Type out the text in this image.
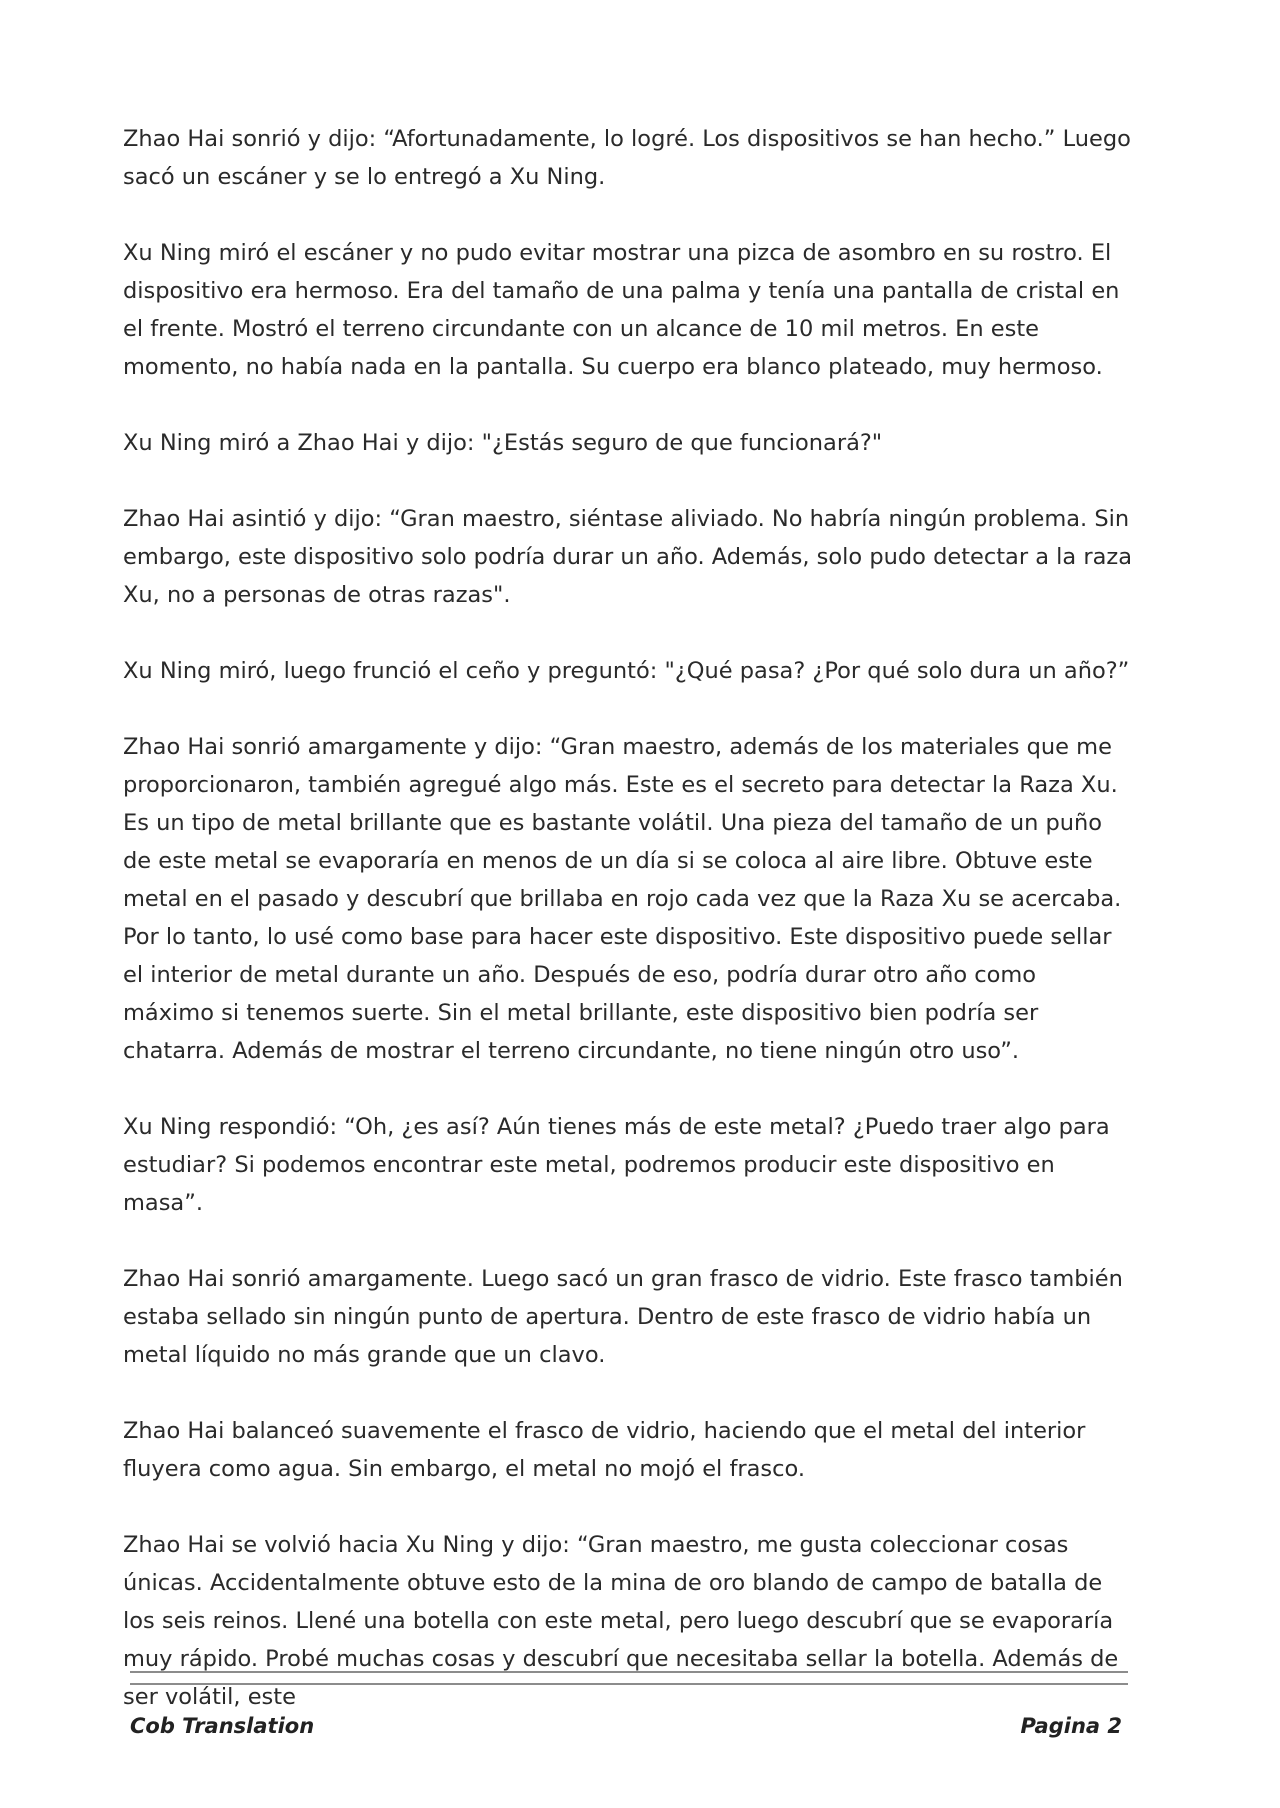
Zhao Hai sonrió y dijo: “Afortunadamente, lo logré. Los dispositivos se han hecho.” Luego sacó un escáner y se lo entregó a Xu Ning.

Xu Ning miró el escáner y no pudo evitar mostrar una pizca de asombro en su rostro. El dispositivo era hermoso. Era del tamaño de una palma y tenía una pantalla de cristal en el frente. Mostró el terreno circundante con un alcance de 10 mil metros. En este momento, no había nada en la pantalla. Su cuerpo era blanco plateado, muy hermoso.

Xu Ning miró a Zhao Hai y dijo: "¿Estás seguro de que funcionará?"

Zhao Hai asintió y dijo: “Gran maestro, siéntase aliviado. No habría ningún problema. Sin embargo, este dispositivo solo podría durar un año. Además, solo pudo detectar a la raza Xu, no a personas de otras razas".

Xu Ning miró, luego frunció el ceño y preguntó: "¿Qué pasa? ¿Por qué solo dura un año?”

Zhao Hai sonrió amargamente y dijo: “Gran maestro, además de los materiales que me proporcionaron, también agregué algo más. Este es el secreto para detectar la Raza Xu. Es un tipo de metal brillante que es bastante volátil. Una pieza del tamaño de un puño de este metal se evaporaría en menos de un día si se coloca al aire libre. Obtuve este metal en el pasado y descubrí que brillaba en rojo cada vez que la Raza Xu se acercaba. Por lo tanto, lo usé como base para hacer este dispositivo. Este dispositivo puede sellar el interior de metal durante un año. Después de eso, podría durar otro año como máximo si tenemos suerte. Sin el metal brillante, este dispositivo bien podría ser chatarra. Además de mostrar el terreno circundante, no tiene ningún otro uso”.

Xu Ning respondió: “Oh, ¿es así? Aún tienes más de este metal? ¿Puedo traer algo para estudiar? Si podemos encontrar este metal, podremos producir este dispositivo en masa”.

Zhao Hai sonrió amargamente. Luego sacó un gran frasco de vidrio. Este frasco también estaba sellado sin ningún punto de apertura. Dentro de este frasco de vidrio había un metal líquido no más grande que un clavo.

Zhao Hai balanceó suavemente el frasco de vidrio, haciendo que el metal del interior fluyera como agua. Sin embargo, el metal no mojó el frasco.

Zhao Hai se volvió hacia Xu Ning y dijo: “Gran maestro, me gusta coleccionar cosas únicas. Accidentalmente obtuve esto de la mina de oro blando de campo de batalla de los seis reinos. Llené una botella con este metal, pero luego descubrí que se evaporaría muy rápido. Probé muchas cosas y descubrí que necesitaba sellar la botella. Además de ser volátil, este

Cob Translation	Pagina 2
